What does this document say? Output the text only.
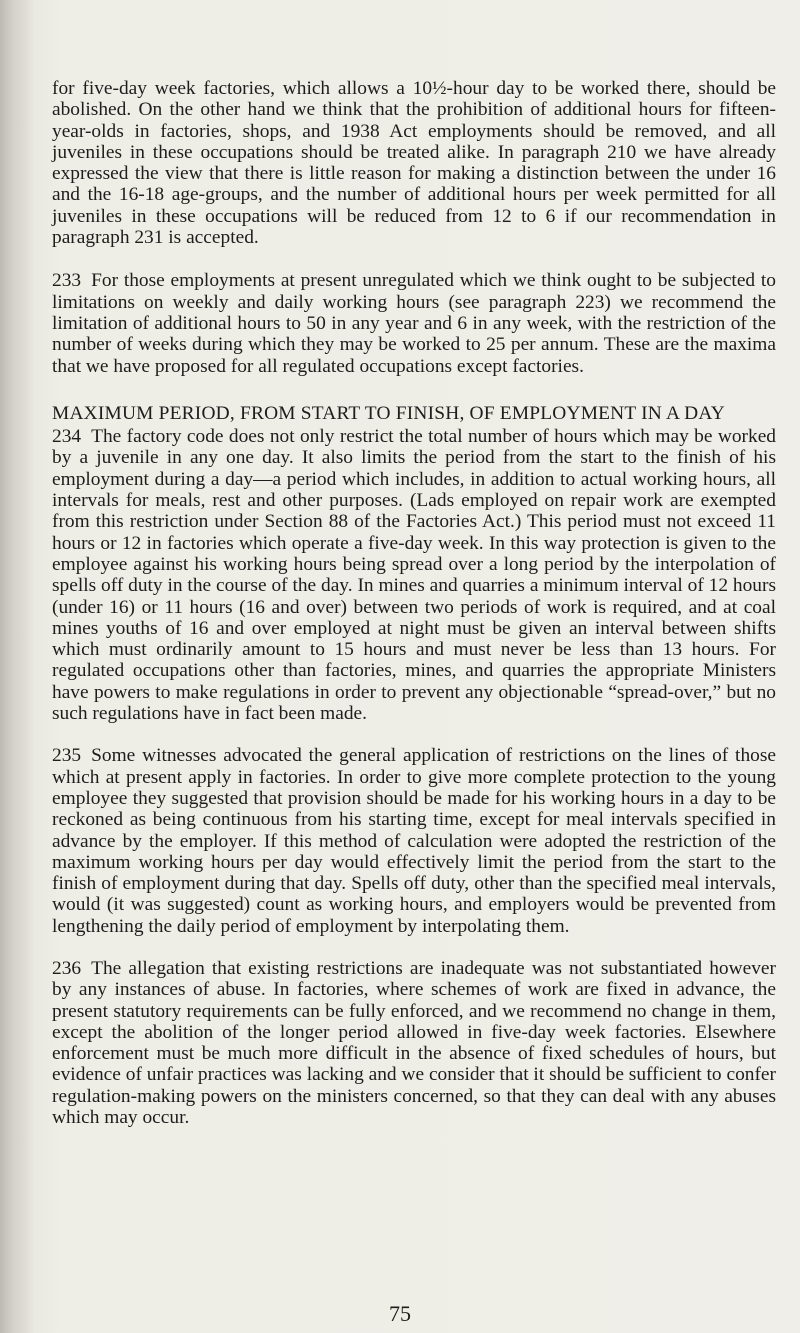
for five-day week factories, which allows a 10½-hour day to be worked there, should be abolished. On the other hand we think that the prohibition of additional hours for fifteen-year-olds in factories, shops, and 1938 Act employments should be removed, and all juveniles in these occupations should be treated alike. In paragraph 210 we have already expressed the view that there is little reason for making a distinction between the under 16 and the 16-18 age-groups, and the number of additional hours per week permitted for all juveniles in these occupations will be reduced from 12 to 6 if our recommendation in paragraph 231 is accepted.

233 For those employments at present unregulated which we think ought to be subjected to limitations on weekly and daily working hours (see paragraph 223) we recommend the limitation of additional hours to 50 in any year and 6 in any week, with the restriction of the number of weeks during which they may be worked to 25 per annum. These are the maxima that we have proposed for all regulated occupations except factories.

MAXIMUM PERIOD, FROM START TO FINISH, OF EMPLOYMENT IN A DAY

234 The factory code does not only restrict the total number of hours which may be worked by a juvenile in any one day. It also limits the period from the start to the finish of his employment during a day—a period which includes, in addition to actual working hours, all intervals for meals, rest and other purposes. (Lads employed on repair work are exempted from this restriction under Section 88 of the Factories Act.) This period must not exceed 11 hours or 12 in factories which operate a five-day week. In this way protection is given to the employee against his working hours being spread over a long period by the interpolation of spells off duty in the course of the day. In mines and quarries a minimum interval of 12 hours (under 16) or 11 hours (16 and over) between two periods of work is required, and at coal mines youths of 16 and over employed at night must be given an interval between shifts which must ordinarily amount to 15 hours and must never be less than 13 hours. For regulated occupations other than factories, mines, and quarries the appropriate Ministers have powers to make regulations in order to prevent any objectionable “spread-over,” but no such regulations have in fact been made.

235 Some witnesses advocated the general application of restrictions on the lines of those which at present apply in factories. In order to give more complete protection to the young employee they suggested that provision should be made for his working hours in a day to be reckoned as being continuous from his starting time, except for meal intervals specified in advance by the employer. If this method of calculation were adopted the restriction of the maximum working hours per day would effectively limit the period from the start to the finish of employment during that day. Spells off duty, other than the specified meal intervals, would (it was suggested) count as working hours, and employers would be prevented from lengthening the daily period of employment by interpolating them.

236 The allegation that existing restrictions are inadequate was not substantiated however by any instances of abuse. In factories, where schemes of work are fixed in advance, the present statutory requirements can be fully enforced, and we recommend no change in them, except the abolition of the longer period allowed in five-day week factories. Elsewhere enforcement must be much more difficult in the absence of fixed schedules of hours, but evidence of unfair practices was lacking and we consider that it should be sufficient to confer regulation-making powers on the ministers concerned, so that they can deal with any abuses which may occur.

75
